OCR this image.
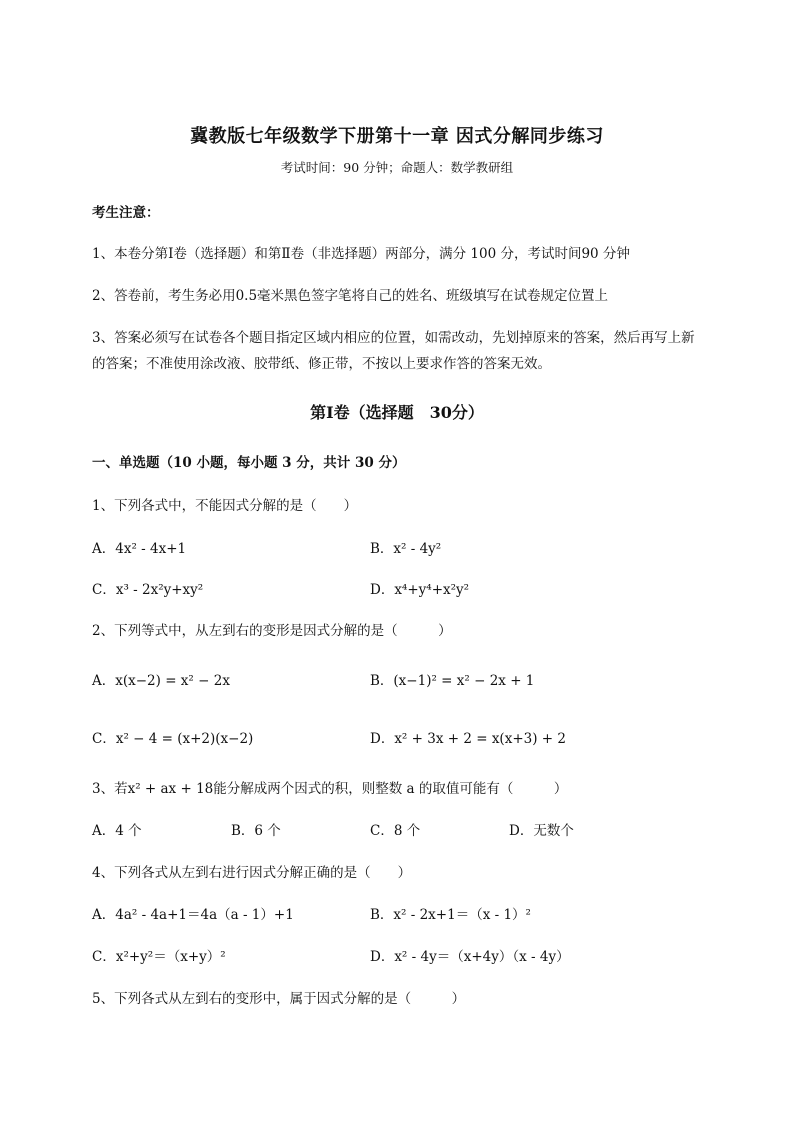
冀教版七年级数学下册第十一章 因式分解同步练习
考试时间：90 分钟；命题人：数学教研组
考生注意：
1、本卷分第Ⅰ卷（选择题）和第Ⅱ卷（非选择题）两部分，满分 100 分，考试时间90 分钟
2、答卷前，考生务必用0.5毫米黑色签字笔将自己的姓名、班级填写在试卷规定位置上
3、答案必须写在试卷各个题目指定区域内相应的位置，如需改动，先划掉原来的答案，然后再写上新
的答案；不准使用涂改液、胶带纸、修正带，不按以上要求作答的答案无效。
第Ⅰ卷（选择题　30分）
一、单选题（10 小题，每小题 3 分，共计 30 分）
1、下列各式中，不能因式分解的是（　　）
A．4x² - 4x+1	B．x² - 4y²
C．x³ - 2x²y+xy²	D．x⁴+y⁴+x²y²
2、下列等式中，从左到右的变形是因式分解的是（　　　）
A．x(x−2) = x² − 2x	B．(x−1)² = x² − 2x + 1
C．x² − 4 = (x+2)(x−2)	D．x² + 3x + 2 = x(x+3) + 2
3、若x² + ax + 18能分解成两个因式的积，则整数 a 的取值可能有（　　　）
A．4 个	B．6 个	C．8 个	D．无数个
4、下列各式从左到右进行因式分解正确的是（　　）
A．4a² - 4a+1＝4a（a - 1）+1	B．x² - 2x+1＝（x - 1）²
C．x²+y²＝（x+y）²	D．x² - 4y＝（x+4y）（x - 4y）
5、下列各式从左到右的变形中，属于因式分解的是（　　　）
